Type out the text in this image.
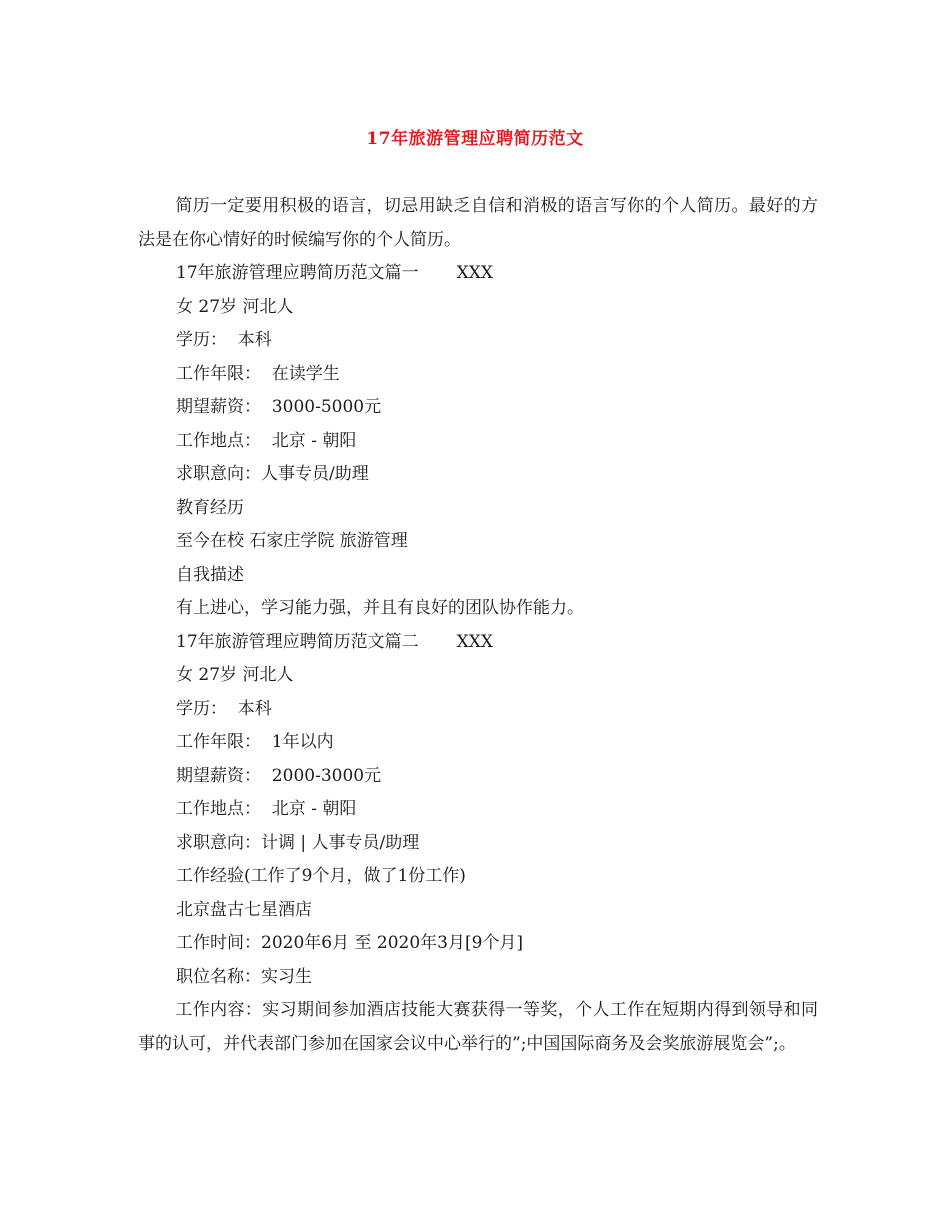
17年旅游管理应聘简历范文

简历一定要用积极的语言，切忌用缺乏自信和消极的语言写你的个人简历。最好的方法是在你心情好的时候编写你的个人简历。

17年旅游管理应聘简历范文篇一 XXX

女 27岁 河北人

学历：  本科

工作年限：  在读学生

期望薪资：  3000-5000元

工作地点：  北京 - 朝阳

求职意向：人事专员/助理

教育经历

至今在校 石家庄学院 旅游管理

自我描述

有上进心，学习能力强，并且有良好的团队协作能力。

17年旅游管理应聘简历范文篇二 XXX

女 27岁 河北人

学历：  本科

工作年限：  1年以内

期望薪资：  2000-3000元

工作地点：  北京 - 朝阳

求职意向：计调 | 人事专员/助理

工作经验(工作了9个月，做了1份工作)

北京盘古七星酒店

工作时间：2020年6月 至 2020年3月[9个月]

职位名称：实习生

工作内容：实习期间参加酒店技能大赛获得一等奖，个人工作在短期内得到领导和同事的认可，并代表部门参加在国家会议中心举行的”;中国国际商务及会奖旅游展览会”;。
